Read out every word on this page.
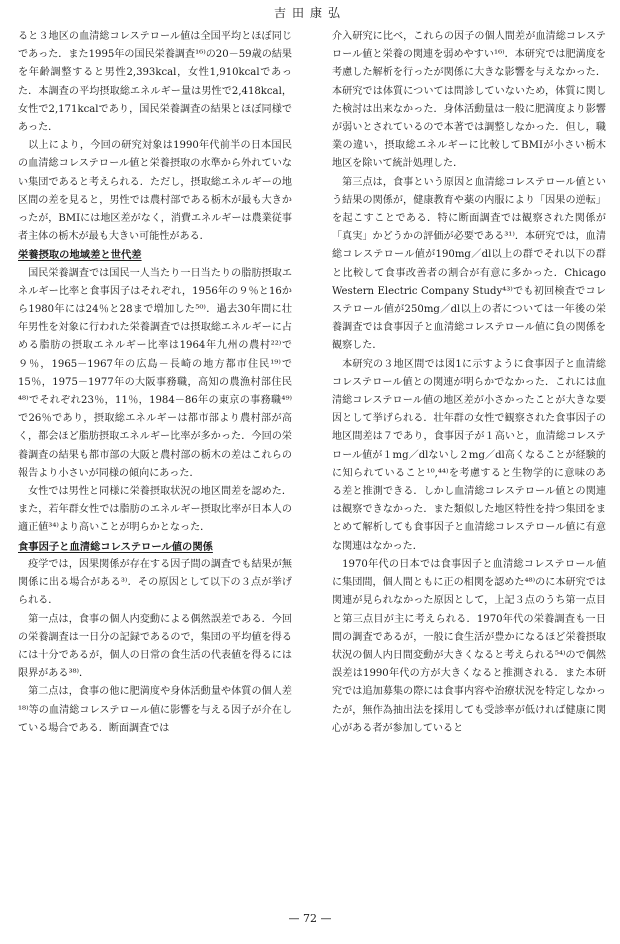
吉田康弘

ると３地区の血清総コレステロール値は全国平均とほぼ同じであった．また1995年の国民栄養調査¹⁶⁾の20－59歳の結果を年齢調整すると男性2,393kcal，女性1,910kcalであった．本調査の平均摂取総エネルギー量は男性で2,418kcal，女性で2,171kcalであり，国民栄養調査の結果とほぼ同様であった．

以上により，今回の研究対象は1990年代前半の日本国民の血清総コレステロール値と栄養摂取の水準から外れていない集団であると考えられる．ただし，摂取総エネルギーの地区間の差を見ると，男性では農村部である栃木が最も大きかったが，BMIには地区差がなく，消費エネルギーは農業従事者主体の栃木が最も大きい可能性がある．

栄養摂取の地域差と世代差

国民栄養調査では国民一人当たり一日当たりの脂肪摂取エネルギー比率と食事因子はそれぞれ，1956年の９％と16から1980年には24％と28まで増加した⁵⁰⁾．過去30年間に壮年男性を対象に行われた栄養調査では摂取総エネルギーに占める脂肪の摂取エネルギー比率は1964年九州の農村²²⁾で９％，1965－1967年の広島－長崎の地方都市住民¹⁹⁾で15％，1975－1977年の大阪事務職，高知の農漁村部住民⁴⁸⁾でそれぞれ23％，11％，1984－86年の東京の事務職⁴⁹⁾で26％であり，摂取総エネルギーは都市部より農村部が高く，都会ほど脂肪摂取エネルギー比率が多かった．今回の栄養調査の結果も都市部の大阪と農村部の栃木の差はこれらの報告より小さいが同様の傾向にあった．

女性では男性と同様に栄養摂取状況の地区間差を認めた．また，若年群女性では脂肪のエネルギー摂取比率が日本人の適正値³⁴⁾より高いことが明らかとなった．

食事因子と血清総コレステロール値の関係

疫学では，因果関係が存在する因子間の調査でも結果が無関係に出る場合がある³⁾．その原因として以下の３点が挙げられる．

第一点は，食事の個人内変動による偶然誤差である．今回の栄養調査は一日分の記録であるので，集団の平均値を得るには十分であるが，個人の日常の食生活の代表値を得るには限界がある³⁸⁾．

第二点は，食事の他に肥満度や身体活動量や体質の個人差¹⁸⁾等の血清総コレステロール値に影響を与える因子が介在している場合である．断面調査では

介入研究に比べ，これらの因子の個人間差が血清総コレステロール値と栄養の関連を弱めやすい¹⁶⁾．本研究では肥満度を考慮した解析を行ったが関係に大きな影響を与えなかった．本研究では体質については問診していないため，体質に関した検討は出来なかった．身体活動量は一般に肥満度より影響が弱いとされているので本著では調整しなかった．但し，職業の違い，摂取総エネルギーに比較してBMIが小さい栃木地区を除いて統計処理した．

第三点は，食事という原因と血清総コレステロール値という結果の関係が，健康教育や薬の内服により「因果の逆転」を起こすことである．特に断面調査では観察された関係が「真実」かどうかの評価が必要である³¹⁾．本研究では，血清総コレステロール値が190mg／dl以上の群でそれ以下の群と比較して食事改善者の割合が有意に多かった．Chicago Western Electric Company Study⁴³⁾でも初回検査でコレステロール値が250mg／dl以上の者については一年後の栄養調査では食事因子と血清総コレステロール値に負の関係を観察した．

本研究の３地区間では図1に示すように食事因子と血清総コレステロール値との関連が明らかでなかった．これには血清総コレステロール値の地区差が小さかったことが大きな要因として挙げられる．壮年群の女性で観察された食事因子の地区間差は７であり，食事因子が１高いと，血清総コレステロール値が１mg／dlないし２mg／dl高くなることが経験的に知られていること¹⁰,⁴⁴⁾を考慮すると生物学的に意味のある差と推測できる．しかし血清総コレステロール値との関連は観察できなかった．また類似した地区特性を持つ集団をまとめて解析しても食事因子と血清総コレステロール値に有意な関連はなかった．

1970年代の日本では食事因子と血清総コレステロール値に集団間，個人間ともに正の相関を認めた⁴⁸⁾のに本研究では関連が見られなかった原因として，上記３点のうち第一点目と第三点目が主に考えられる．1970年代の栄養調査も一日間の調査であるが，一般に食生活が豊かになるほど栄養摂取状況の個人内日間変動が大きくなると考えられる⁵⁴⁾ので偶然誤差は1990年代の方が大きくなると推測される．また本研究では追加募集の際には食事内容や治療状況を特定しなかったが，無作為抽出法を採用しても受診率が低ければ健康に関心がある者が参加していると

— 72 —
